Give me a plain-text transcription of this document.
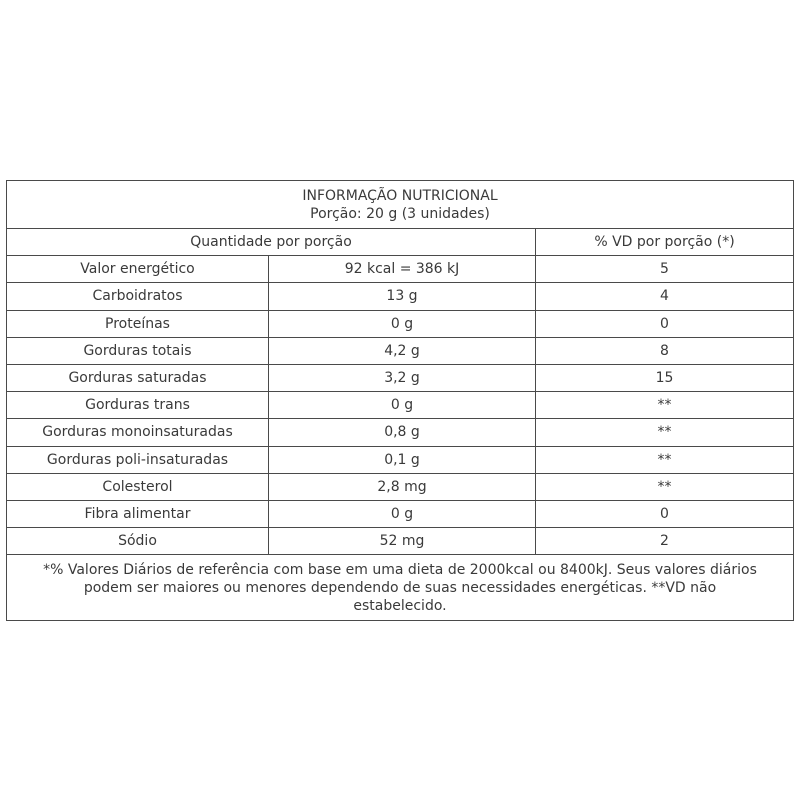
INFORMAÇÃO NUTRICIONAL
Porção: 20 g (3 unidades)
Quantidade por porção	% VD por porção (*)
Valor energético	92 kcal = 386 kJ	5
Carboidratos	13 g	4
Proteínas	0 g	0
Gorduras totais	4,2 g	8
Gorduras saturadas	3,2 g	15
Gorduras trans	0 g	**
Gorduras monoinsaturadas	0,8 g	**
Gorduras poli-insaturadas	0,1 g	**
Colesterol	2,8 mg	**
Fibra alimentar	0 g	0
Sódio	52 mg	2
*% Valores Diários de referência com base em uma dieta de 2000kcal ou 8400kJ. Seus valores diários
podem ser maiores ou menores dependendo de suas necessidades energéticas. **VD não
estabelecido.
